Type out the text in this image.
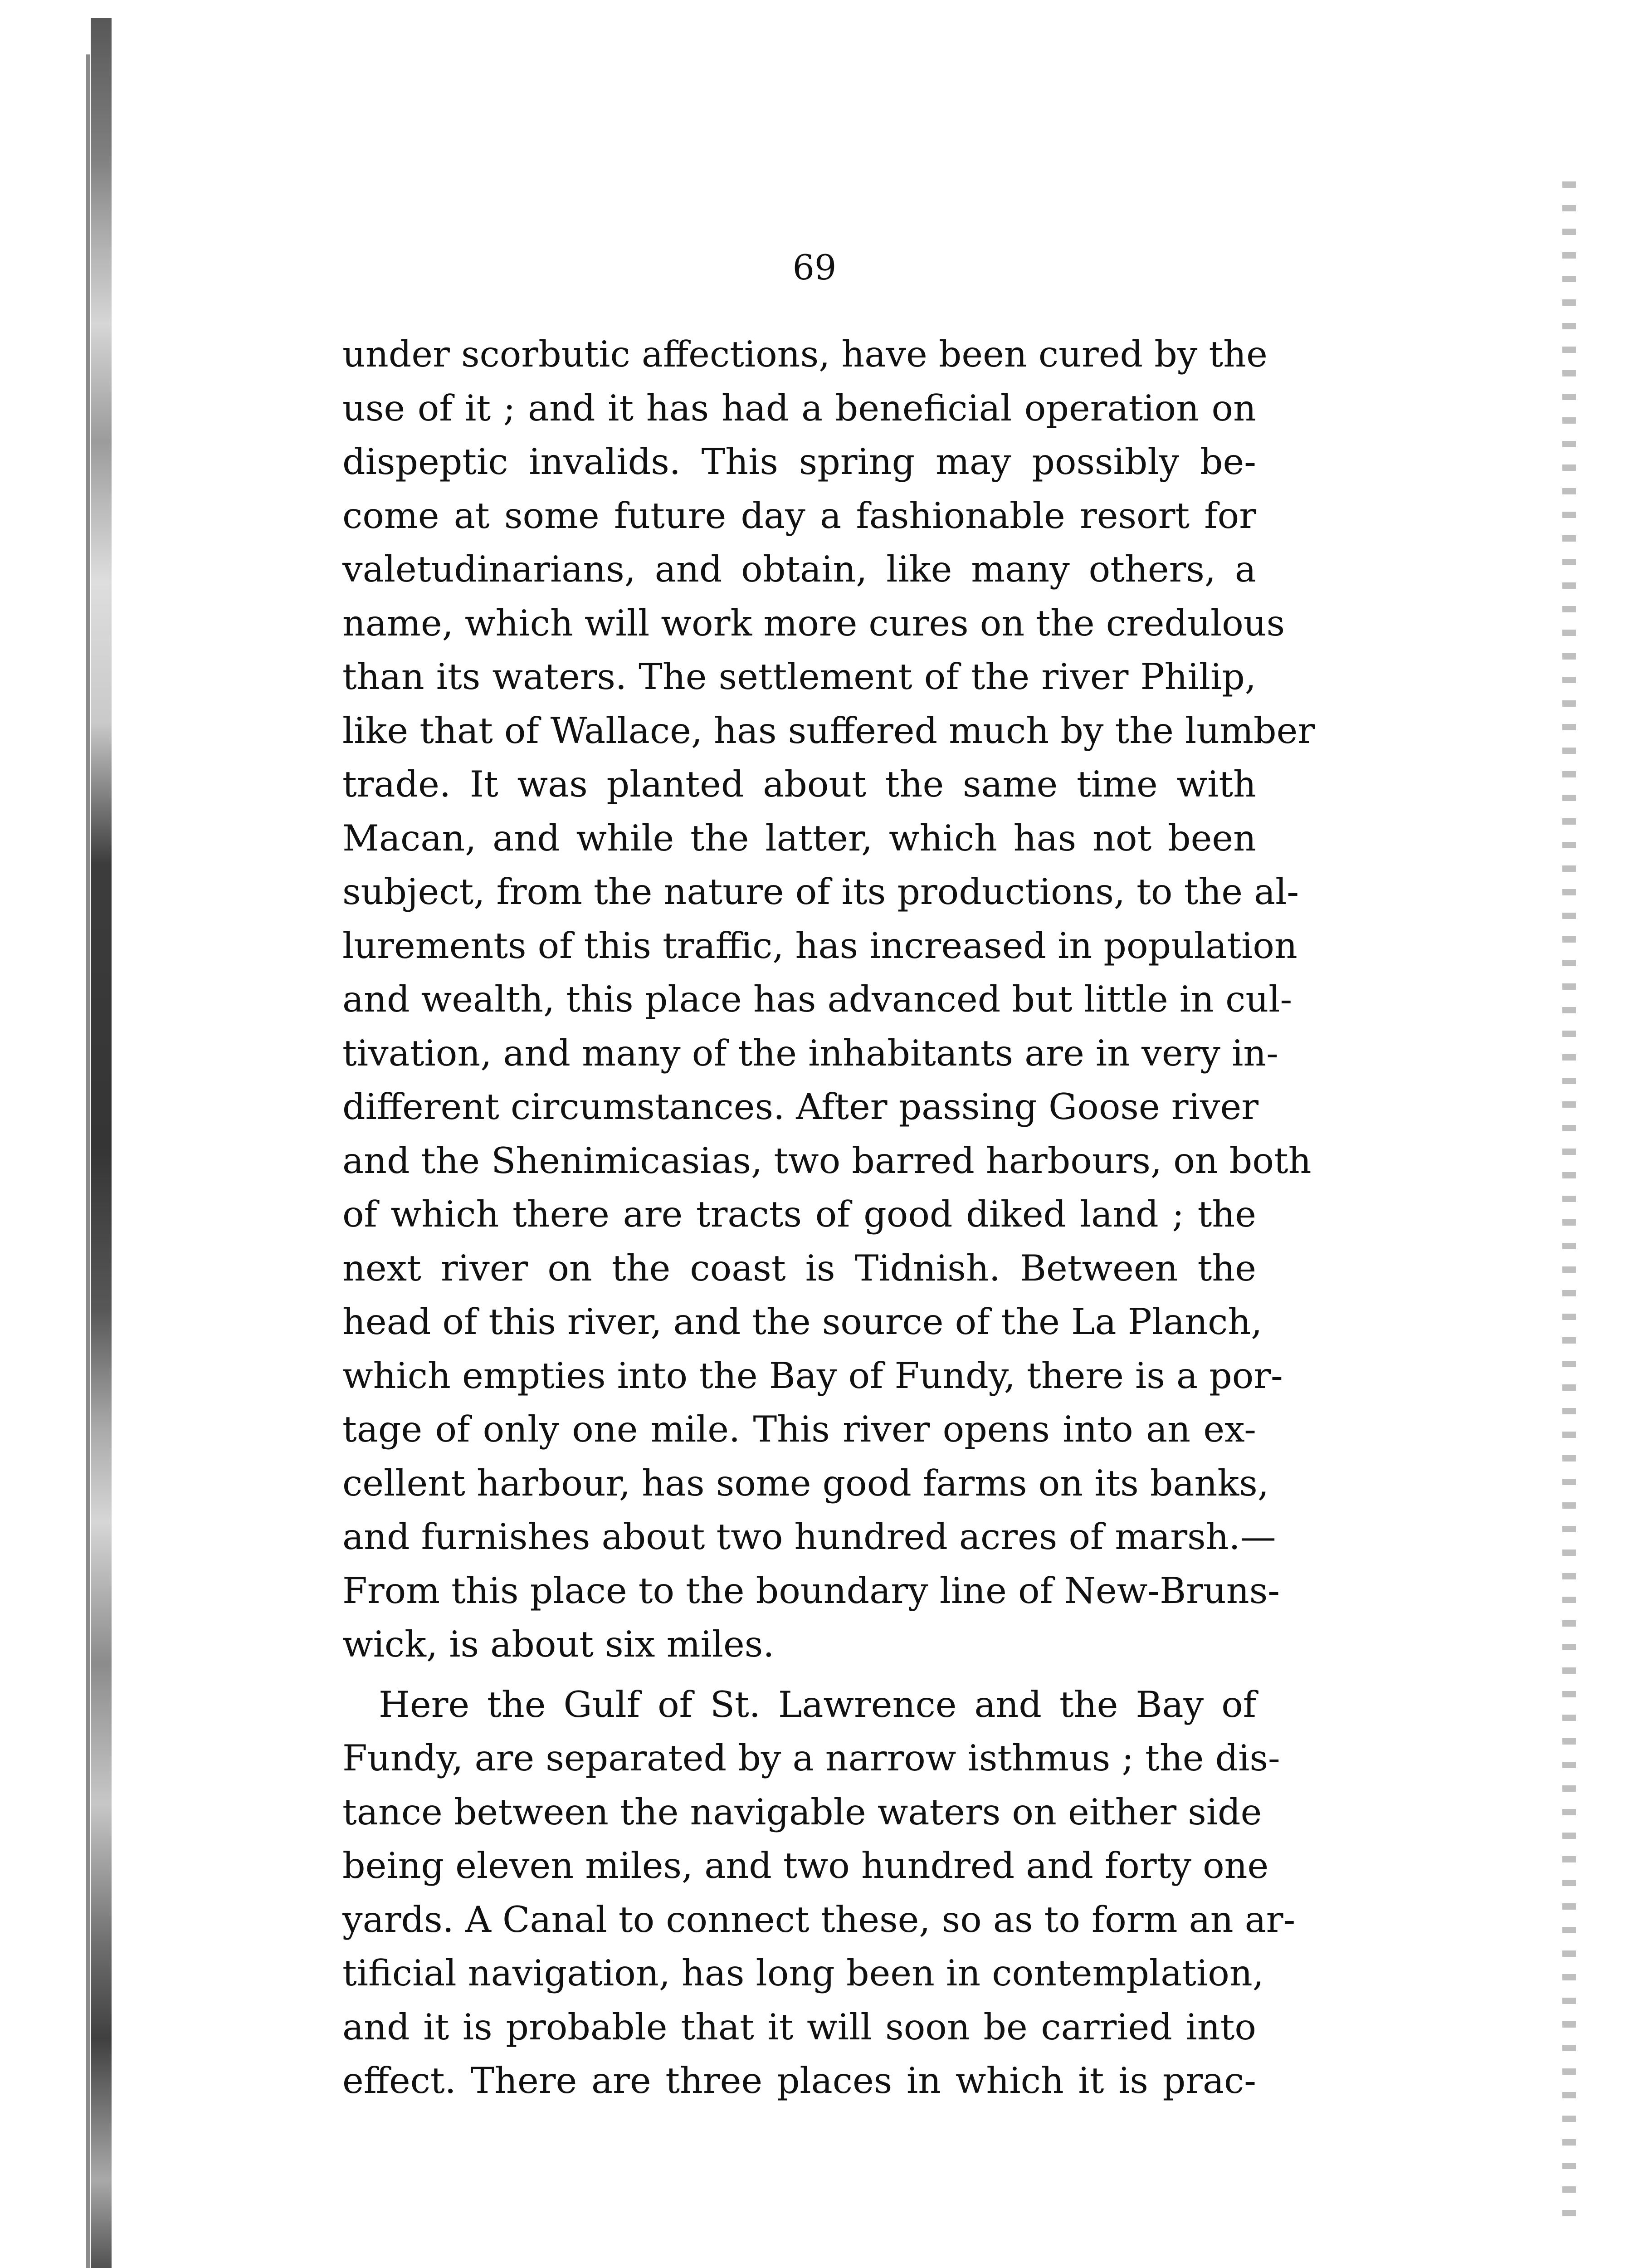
69

under scorbutic affections, have been cured by the
use of it ; and it has had a beneficial operation on
dispeptic invalids. This spring may possibly be-
come at some future day a fashionable resort for
valetudinarians, and obtain, like many others, a
name, which will work more cures on the credulous
than its waters. The settlement of the river Philip,
like that of Wallace, has suffered much by the lumber
trade. It was planted about the same time with
Macan, and while the latter, which has not been
subject, from the nature of its productions, to the al-
lurements of this traffic, has increased in population
and wealth, this place has advanced but little in cul-
tivation, and many of the inhabitants are in very in-
different circumstances. After passing Goose river
and the Shenimicasias, two barred harbours, on both
of which there are tracts of good diked land ; the
next river on the coast is Tidnish. Between the
head of this river, and the source of the La Planch,
which empties into the Bay of Fundy, there is a por-
tage of only one mile. This river opens into an ex-
cellent harbour, has some good farms on its banks,
and furnishes about two hundred acres of marsh.—
From this place to the boundary line of New-Bruns-
wick, is about six miles.
Here the Gulf of St. Lawrence and the Bay of
Fundy, are separated by a narrow isthmus ; the dis-
tance between the navigable waters on either side
being eleven miles, and two hundred and forty one
yards. A Canal to connect these, so as to form an ar-
tificial navigation, has long been in contemplation,
and it is probable that it will soon be carried into
effect. There are three places in which it is prac-
